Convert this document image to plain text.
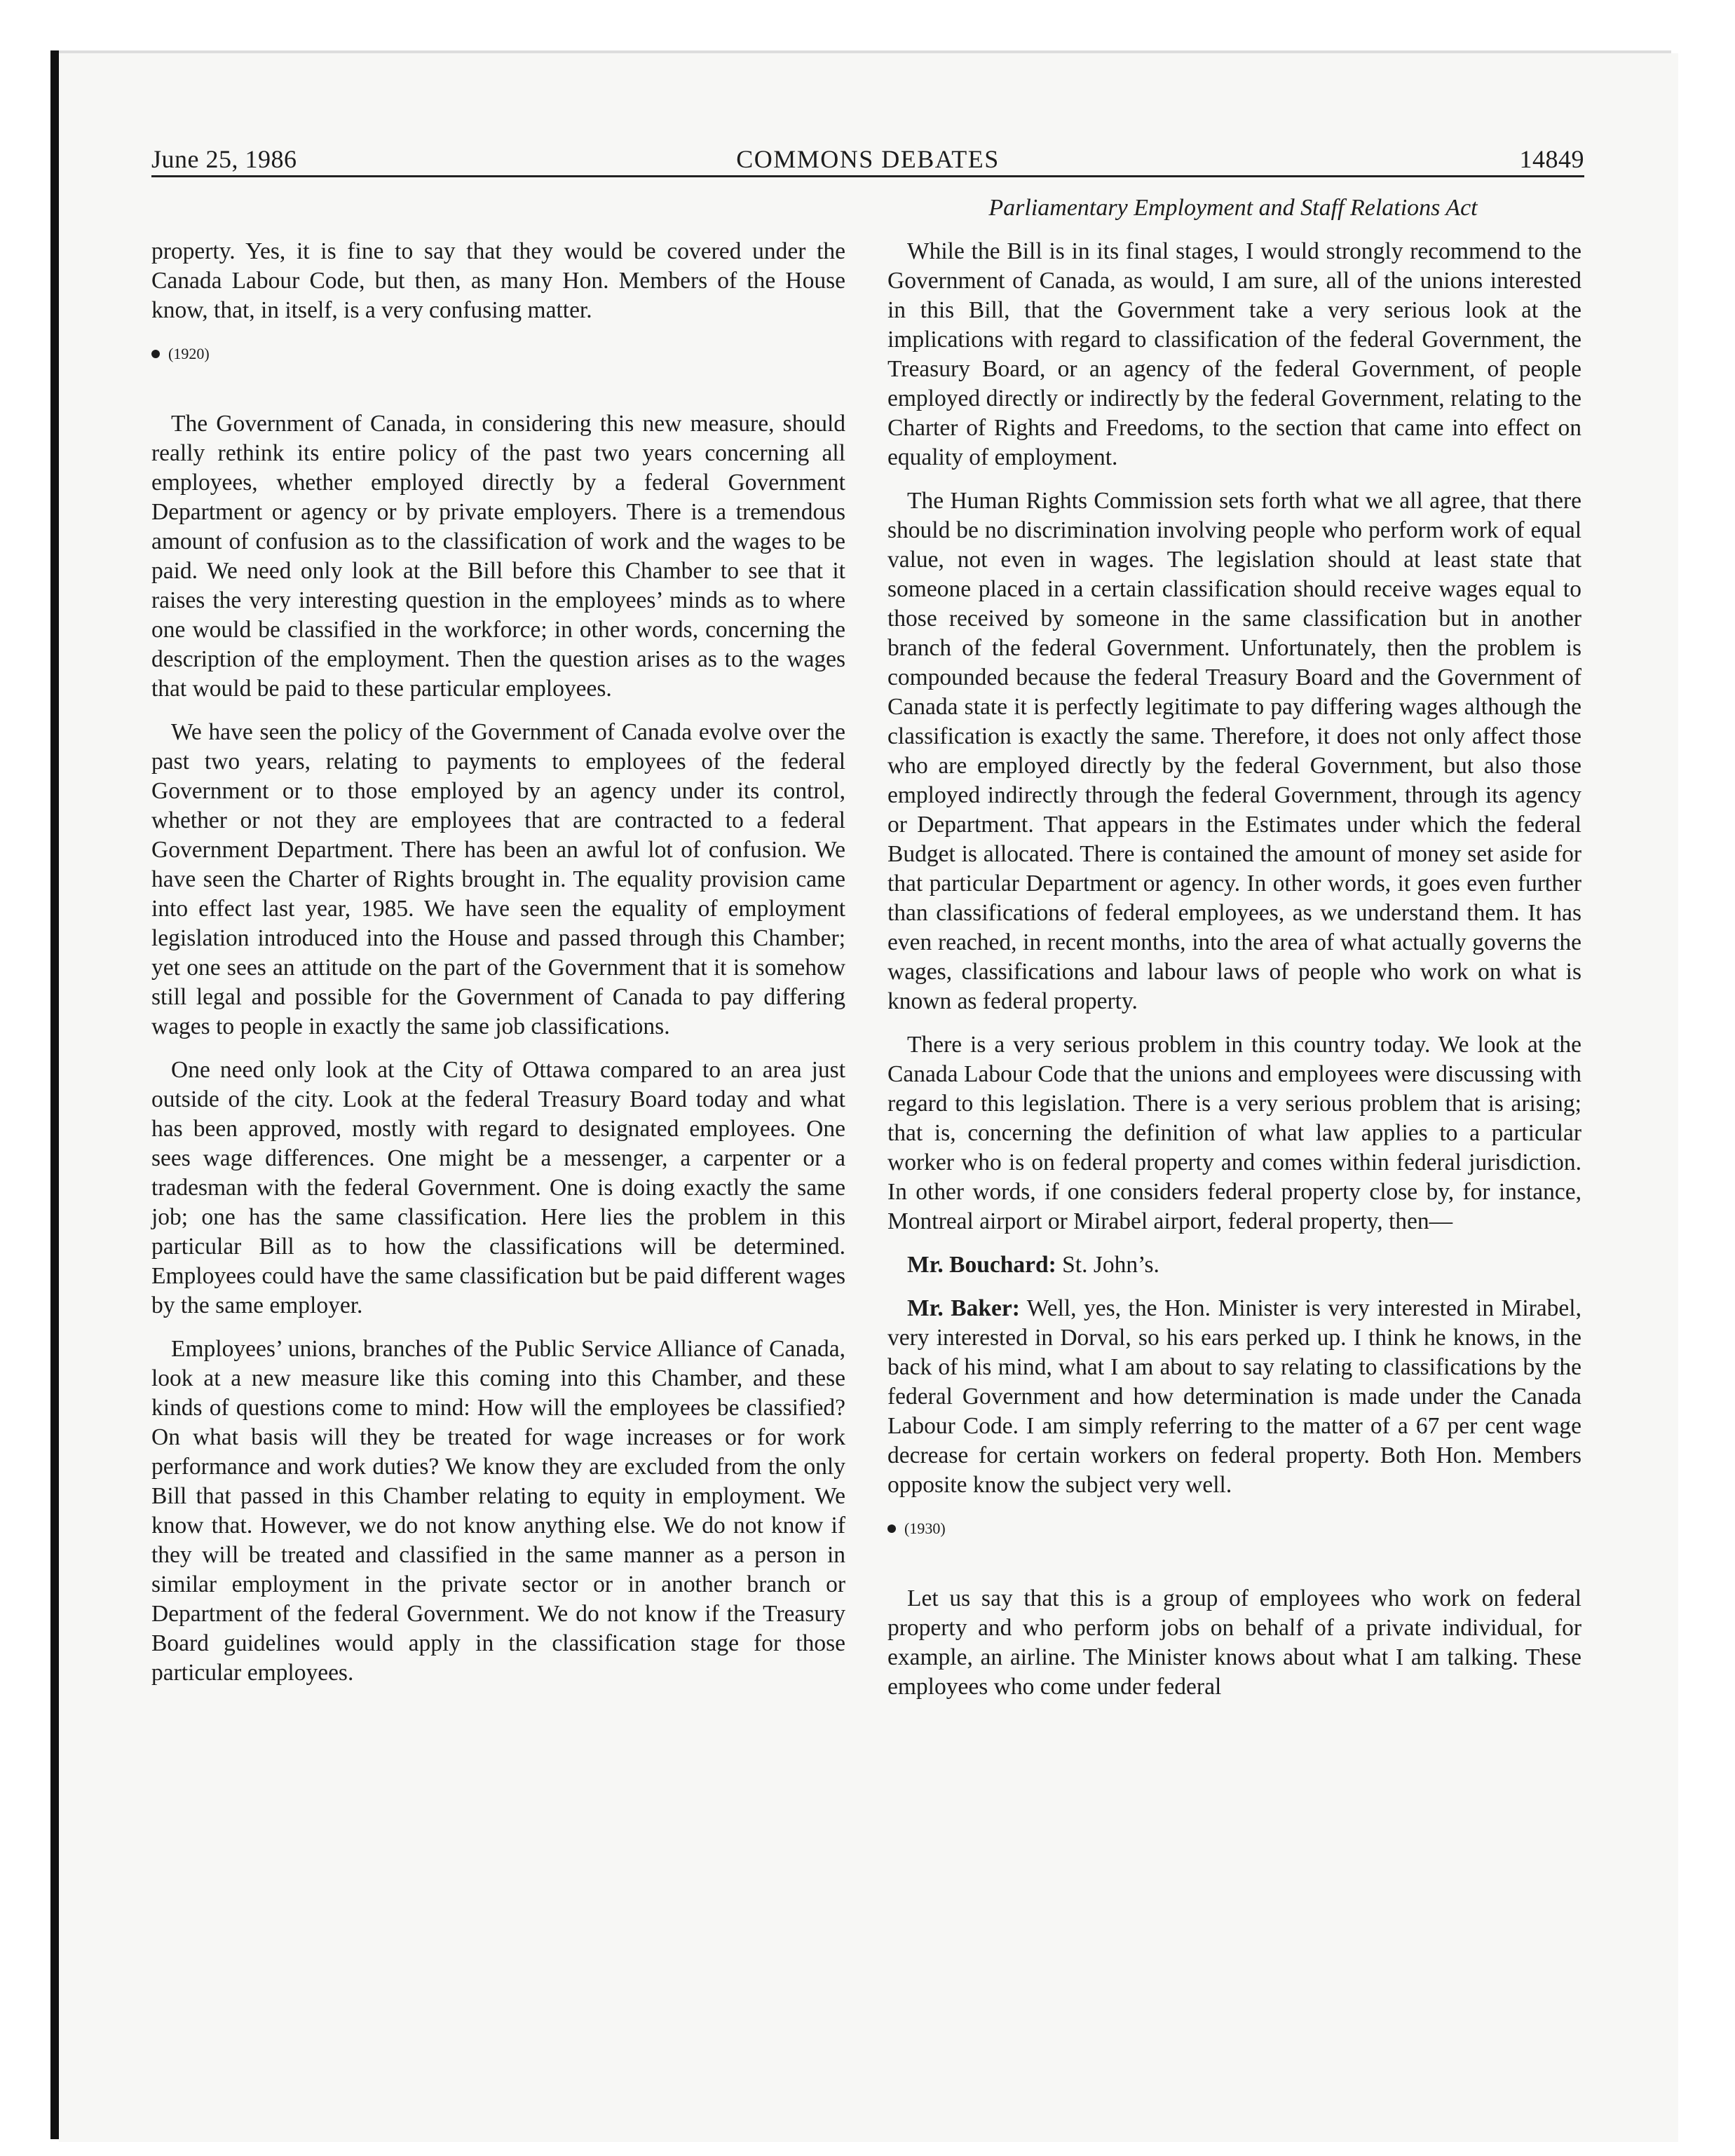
June 25, 1986	COMMONS DEBATES	14849
Parliamentary Employment and Staff Relations Act

property. Yes, it is fine to say that they would be covered under the Canada Labour Code, but then, as many Hon. Members of the House know, that, in itself, is a very confusing matter.

(1920)

The Government of Canada, in considering this new measure, should really rethink its entire policy of the past two years concerning all employees, whether employed directly by a federal Government Department or agency or by private employers. There is a tremendous amount of confusion as to the classification of work and the wages to be paid. We need only look at the Bill before this Chamber to see that it raises the very interesting question in the employees’ minds as to where one would be classified in the workforce; in other words, concerning the description of the employment. Then the question arises as to the wages that would be paid to these particular employees.

We have seen the policy of the Government of Canada evolve over the past two years, relating to payments to employees of the federal Government or to those employed by an agency under its control, whether or not they are employees that are contracted to a federal Government Department. There has been an awful lot of confusion. We have seen the Charter of Rights brought in. The equality provision came into effect last year, 1985. We have seen the equality of employment legislation introduced into the House and passed through this Chamber; yet one sees an attitude on the part of the Government that it is somehow still legal and possible for the Government of Canada to pay differing wages to people in exactly the same job classifications.

One need only look at the City of Ottawa compared to an area just outside of the city. Look at the federal Treasury Board today and what has been approved, mostly with regard to designated employees. One sees wage differences. One might be a messenger, a carpenter or a tradesman with the federal Government. One is doing exactly the same job; one has the same classification. Here lies the problem in this particular Bill as to how the classifications will be determined. Employees could have the same classification but be paid different wages by the same employer.

Employees’ unions, branches of the Public Service Alliance of Canada, look at a new measure like this coming into this Chamber, and these kinds of questions come to mind: How will the employees be classified? On what basis will they be treated for wage increases or for work performance and work duties? We know they are excluded from the only Bill that passed in this Chamber relating to equity in employment. We know that. However, we do not know anything else. We do not know if they will be treated and classified in the same manner as a person in similar employment in the private sector or in another branch or Department of the federal Government. We do not know if the Treasury Board guidelines would apply in the classification stage for those particular employees.

While the Bill is in its final stages, I would strongly recommend to the Government of Canada, as would, I am sure, all of the unions interested in this Bill, that the Government take a very serious look at the implications with regard to classification of the federal Government, the Treasury Board, or an agency of the federal Government, of people employed directly or indirectly by the federal Government, relating to the Charter of Rights and Freedoms, to the section that came into effect on equality of employment.

The Human Rights Commission sets forth what we all agree, that there should be no discrimination involving people who perform work of equal value, not even in wages. The legislation should at least state that someone placed in a certain classification should receive wages equal to those received by someone in the same classification but in another branch of the federal Government. Unfortunately, then the problem is compounded because the federal Treasury Board and the Government of Canada state it is perfectly legitimate to pay differing wages although the classification is exactly the same. Therefore, it does not only affect those who are employed directly by the federal Government, but also those employed indirectly through the federal Government, through its agency or Department. That appears in the Estimates under which the federal Budget is allocated. There is contained the amount of money set aside for that particular Department or agency. In other words, it goes even further than classifications of federal employees, as we understand them. It has even reached, in recent months, into the area of what actually governs the wages, classifications and labour laws of people who work on what is known as federal property.

There is a very serious problem in this country today. We look at the Canada Labour Code that the unions and employees were discussing with regard to this legislation. There is a very serious problem that is arising; that is, concerning the definition of what law applies to a particular worker who is on federal property and comes within federal jurisdiction. In other words, if one considers federal property close by, for instance, Montreal airport or Mirabel airport, federal property, then—

Mr. Bouchard: St. John’s.

Mr. Baker: Well, yes, the Hon. Minister is very interested in Mirabel, very interested in Dorval, so his ears perked up. I think he knows, in the back of his mind, what I am about to say relating to classifications by the federal Government and how determination is made under the Canada Labour Code. I am simply referring to the matter of a 67 per cent wage decrease for certain workers on federal property. Both Hon. Members opposite know the subject very well.

(1930)

Let us say that this is a group of employees who work on federal property and who perform jobs on behalf of a private individual, for example, an airline. The Minister knows about what I am talking. These employees who come under federal
